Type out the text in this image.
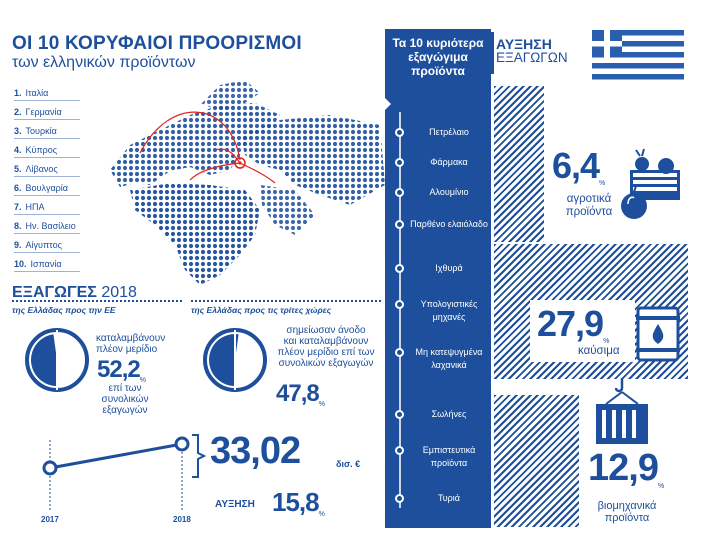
ΟΙ 10 ΚΟΡΥΦΑΙΟΙ ΠΡΟΟΡΙΣΜΟΙ
των ελληνικών προϊόντων
1. Ιταλία
2. Γερμανία
3. Τουρκία
4. Κύπρος
5. Λίβανος
6. Βουλγαρία
7. ΗΠΑ
8. Ην. Βασίλειο
9. Αίγυπτος
10. Ισπανία
ΕΞΑΓΩΓΕΣ 2018
της Ελλάδας προς την ΕΕ	της Ελλάδας προς τις τρίτες χώρες
καταλαμβάνουν
πλέον μερίδιο
52,2%
επί των
συνολικών
εξαγωγών
σημείωσαν άνοδο
και καταλαμβάνουν
πλέον μερίδιο επί των
συνολικών εξαγωγών
47,8%
2017	2018
33,02	δισ. €
ΑΥΞΗΣΗ 15,8%
Τα 10 κυριότερα εξαγώγιμα προϊόντα
Πετρέλαιο
Φάρμακα
Αλουμίνιο
Παρθένο ελαιόλαδο
Ιχθυρά
Υπολογιστικές μηχανές
Μη κατεψυγμένα λαχανικά
Σωλήνες
Εμπιστευτικά προϊόντα
Τυριά
ΑΥΞΗΣΗ
ΕΞΑΓΩΓΩΝ
6,4%
αγροτικά
προϊόντα
27,9%
καύσιμα
12,9%
βιομηχανικά
προϊόντα
